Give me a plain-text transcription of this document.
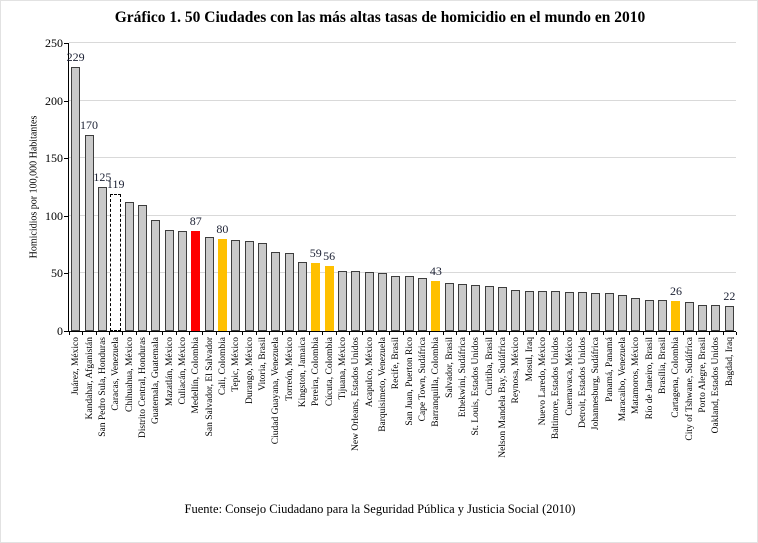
Gráfico 1. 50 Ciudades con las más altas tasas de homicidio en el mundo en 2010
Homicidios por 100,000 Habitantes
0
50
100
150
200
250
229
Juárez, México
170
Kandahar, Afganistán
125
San Pedro Sula, Honduras
119
Caracas, Venezuela Chihuahua, México Distrito Central, Honduras Guatemala, Guatemala Mazatlán, México Culiacán, México
87
Medellín, Colombia San Salvador, El Salvador
80
Cali, Colombia Tepic, México Durango, México Vitoria, Brasil Ciudad Guayana, Venezuela Torreón, México Kingston, Jamaica
59
Pereira, Colombia
56
Cúcuta, Colombia Tijuana, México New Orleans, Estados Unidos Acapulco, México Barquisimeto, Venezuela Recife, Brasil San Juan, Puerton Rico Cape Town, Sudáfrica
43
Barranquilla, Colombia Salvador, Brasil Ethekwini, Sudáfrica St. Louis, Estados Unidos Curitiba, Brasil Nelson Mandela Bay, Sudáfrica Reynosa, México Mosul, Iraq Nuevo Laredo, México Baltimore, Estados Unidos Cuernavaca, México Detroit, Estados Unidos Johannesburg, Sudáfrica Panamá, Panamá Maracaibo, Venezuela Matamoros, México Río de Janeiro, Brasil Brasília, Brasil
26
Cartagena, Colombia City of Tshwane, Sudáfrica Porto Alegre, Brasil Oakland, Estados Unidos
22
Bagdad, Iraq
Fuente: Consejo Ciudadano para la Seguridad Pública y Justicia Social (2010)
